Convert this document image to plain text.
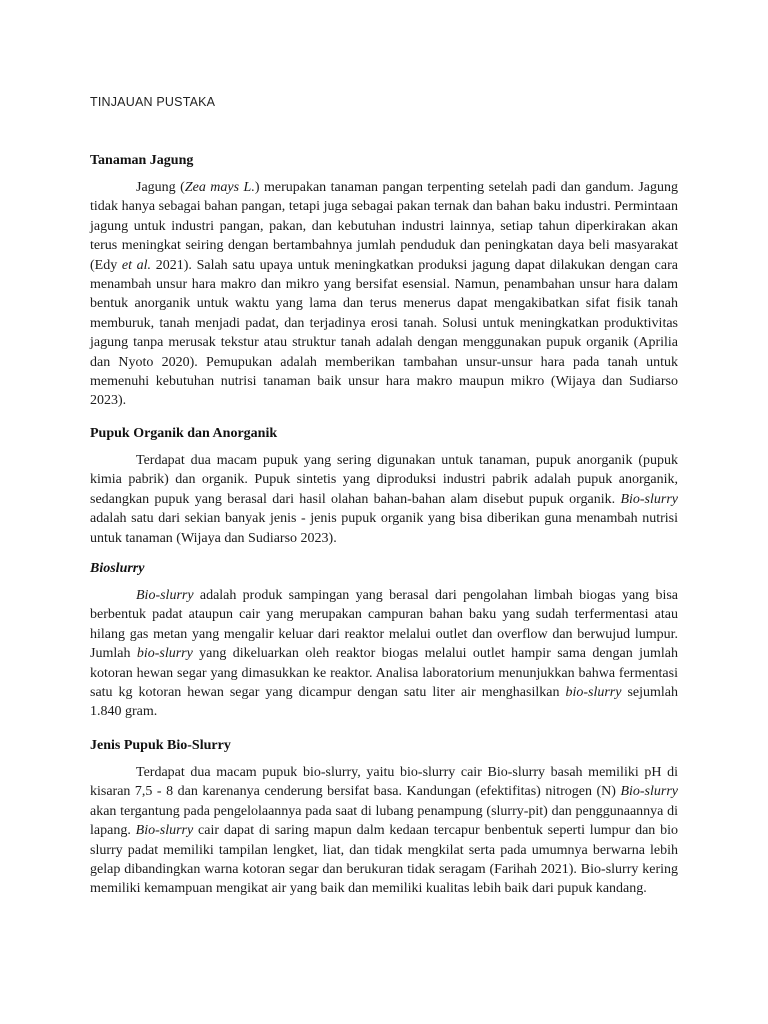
TINJAUAN PUSTAKA
Tanaman Jagung

Jagung (Zea mays L.) merupakan tanaman pangan terpenting setelah padi dan gandum. Jagung tidak hanya sebagai bahan pangan, tetapi juga sebagai pakan ternak dan bahan baku industri. Permintaan jagung untuk industri pangan, pakan, dan kebutuhan industri lainnya, setiap tahun diperkirakan akan terus meningkat seiring dengan bertambahnya jumlah penduduk dan peningkatan daya beli masyarakat (Edy et al. 2021). Salah satu upaya untuk meningkatkan produksi jagung dapat dilakukan dengan cara menambah unsur hara makro dan mikro yang bersifat esensial. Namun, penambahan unsur hara dalam bentuk anorganik untuk waktu yang lama dan terus menerus dapat mengakibatkan sifat fisik tanah memburuk, tanah menjadi padat, dan terjadinya erosi tanah. Solusi untuk meningkatkan produktivitas jagung tanpa merusak tekstur atau struktur tanah adalah dengan menggunakan pupuk organik (Aprilia dan Nyoto 2020). Pemupukan adalah memberikan tambahan unsur-unsur hara pada tanah untuk memenuhi kebutuhan nutrisi tanaman baik unsur hara makro maupun mikro (Wijaya dan Sudiarso 2023).

Pupuk Organik dan Anorganik

Terdapat dua macam pupuk yang sering digunakan untuk tanaman, pupuk anorganik (pupuk kimia pabrik) dan organik. Pupuk sintetis yang diproduksi industri pabrik adalah pupuk anorganik, sedangkan pupuk yang berasal dari hasil olahan bahan-bahan alam disebut pupuk organik. Bio-slurry adalah satu dari sekian banyak jenis - jenis pupuk organik yang bisa diberikan guna menambah nutrisi untuk tanaman (Wijaya dan Sudiarso 2023).

Bioslurry

Bio-slurry adalah produk sampingan yang berasal dari pengolahan limbah biogas yang bisa berbentuk padat ataupun cair yang merupakan campuran bahan baku yang sudah terfermentasi atau hilang gas metan yang mengalir keluar dari reaktor melalui outlet dan overflow dan berwujud lumpur. Jumlah bio-slurry yang dikeluarkan oleh reaktor biogas melalui outlet hampir sama dengan jumlah kotoran hewan segar yang dimasukkan ke reaktor. Analisa laboratorium menunjukkan bahwa fermentasi satu kg kotoran hewan segar yang dicampur dengan satu liter air menghasilkan bio-slurry sejumlah 1.840 gram.

Jenis Pupuk Bio-Slurry

Terdapat dua macam pupuk bio-slurry, yaitu bio-slurry cair Bio-slurry basah memiliki pH di kisaran 7,5 - 8 dan karenanya cenderung bersifat basa. Kandungan (efektifitas) nitrogen (N) Bio-slurry akan tergantung pada pengelolaannya pada saat di lubang penampung (slurry-pit) dan penggunaannya di lapang. Bio-slurry cair dapat di saring mapun dalm kedaan tercapur benbentuk seperti lumpur dan bio slurry padat memiliki tampilan lengket, liat, dan tidak mengkilat serta pada umumnya berwarna lebih gelap dibandingkan warna kotoran segar dan berukuran tidak seragam (Farihah 2021). Bio-slurry kering memiliki kemampuan mengikat air yang baik dan memiliki kualitas lebih baik dari pupuk kandang.
